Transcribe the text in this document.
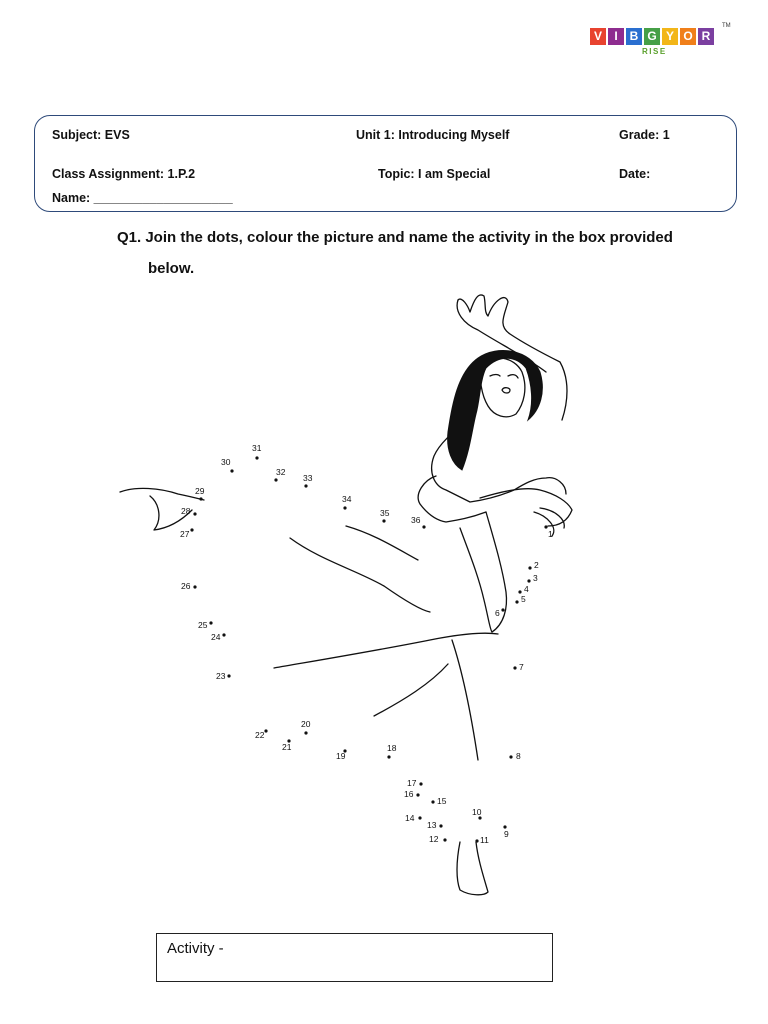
V	I B G Y O R
TM
RISE
Subject: EVS	Unit 1: Introducing Myself	Grade: 1
Class Assignment: 1.P.2	Topic: I am Special	Date:
Name: ____________________
Q1. Join the dots, colour the picture and name the activity in the box provided
below.
1
2
3
4
5
6
7
8
9
10
11
12
13
14
15
16
17
18
19
20
21
22
23
24
25
26
27
28
29
30
31
32
33
34
35
36
Activity -
